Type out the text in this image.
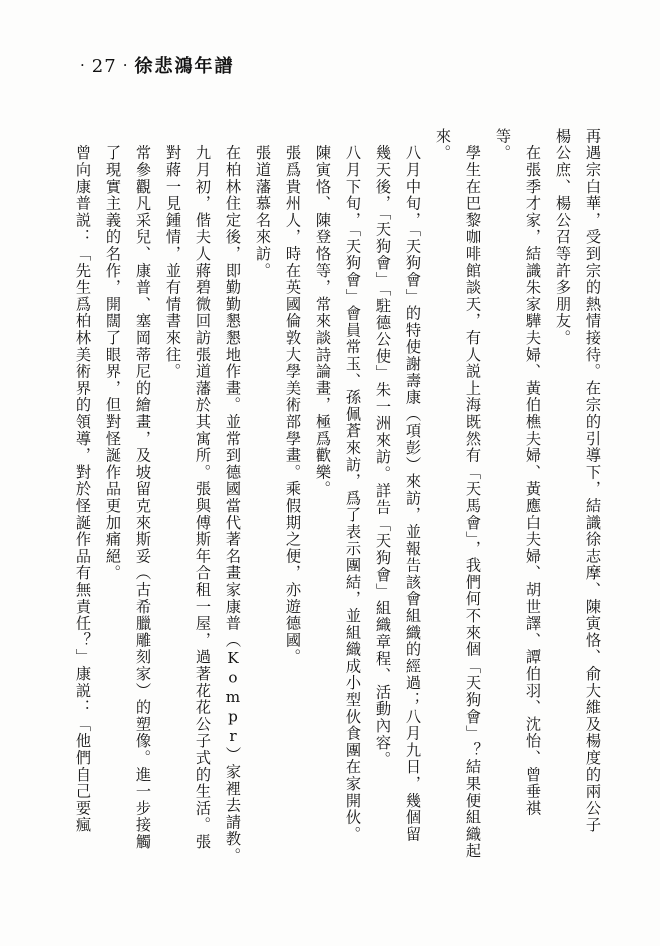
· 27 · 徐悲鴻年譜
再遇宗白華，受到宗的熱情接待。在宗的引導下，結識徐志摩、陳寅恪、俞大維及楊度的兩公子
楊公庶、楊公召等許多朋友。
　在張季才家，結識朱家驊夫婦、黃伯樵夫婦、黃應白夫婦、胡世譯、譚伯羽、沈怡、曾垂祺
等。
　學生在巴黎咖啡館談天，有人説上海既然有「天馬會」，我們何不來個「天狗會」？結果便組織起
來。
　八月中旬，「天狗會」的特使謝壽康（項彭）來訪，並報告該會組織的經過；八月九日，幾個留
　幾天後，「天狗會」「駐德公使」朱一洲來訪。詳告「天狗會」組織章程、活動內容。
　八月下旬，「天狗會」會員常玉、孫佩蒼來訪，爲了表示團結，並組織成小型伙食團在家開伙。
　陳寅恪、陳登恪等，常來談詩論畫，極爲歡樂。
　張爲貴州人，時在英國倫敦大學美術部學畫。乘假期之便，亦遊德國。
　張道藩慕名來訪。
　在柏林住定後，即勤勤懇懇地作畫。並常到德國當代著名畫家康普（Kompr）家裡去請教。
　九月初，偕夫人蔣碧微回訪張道藩於其寓所。張與傅斯年合租一屋，過著花花公子式的生活。張
　對蔣一見鍾情，並有情書來往。
　常參觀凡采兒、康普、塞岡蒂尼的繪畫，及坡留克來斯妥（古希臘雕刻家）的塑像。進一步接觸
　了現實主義的名作，開闊了眼界，但對怪誕作品更加痛絕。
　曾向康普説：「先生爲柏林美術界的領導，對於怪誕作品有無責任？」康説：「他們自己要瘋
